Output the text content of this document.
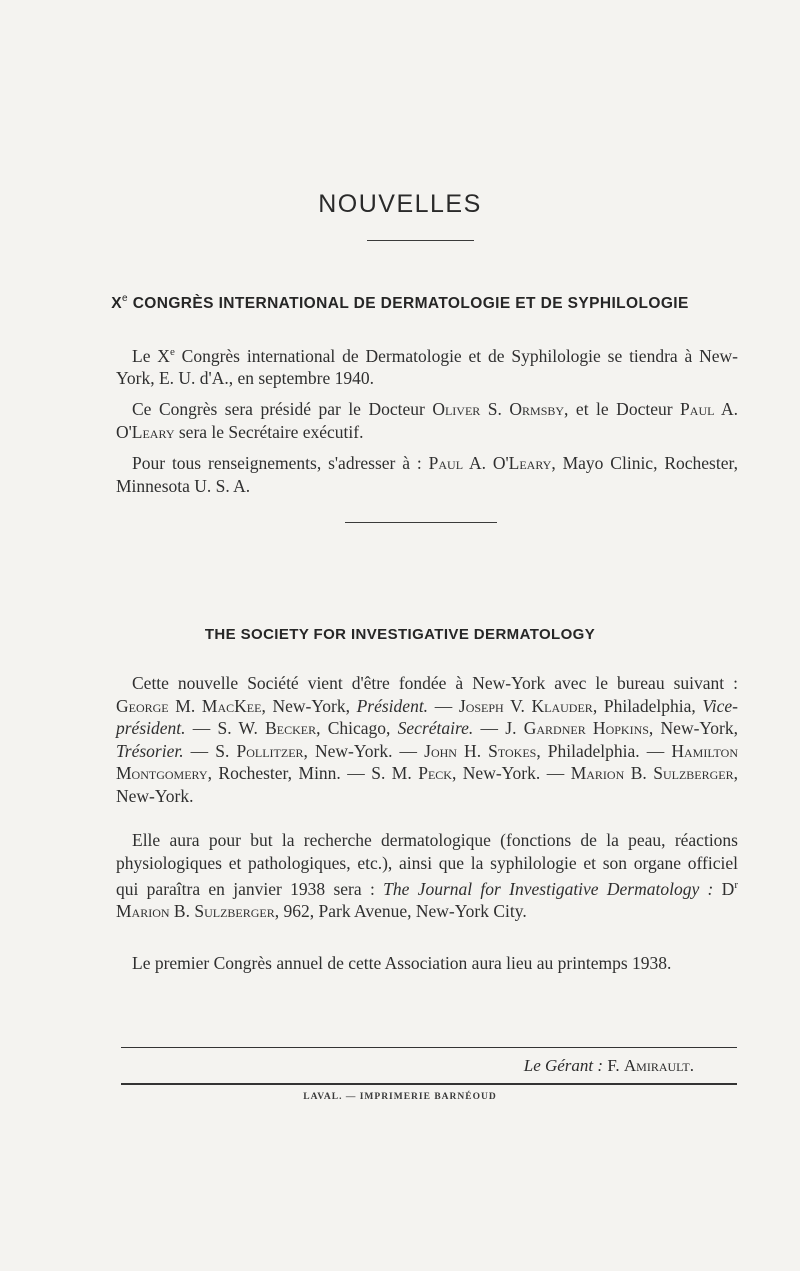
NOUVELLES
Xe CONGRÈS INTERNATIONAL DE DERMATOLOGIE ET DE SYPHILOLOGIE

Le Xe Congrès international de Dermatologie et de Syphilologie se tiendra à New-York, E. U. d'A., en septembre 1940.

Ce Congrès sera présidé par le Docteur Oliver S. Ormsby, et le Docteur Paul A. O'Leary sera le Secrétaire exécutif.

Pour tous renseignements, s'adresser à : Paul A. O'Leary, Mayo Clinic, Rochester, Minnesota U. S. A.

THE SOCIETY FOR INVESTIGATIVE DERMATOLOGY

Cette nouvelle Société vient d'être fondée à New-York avec le bureau suivant : George M. MacKee, New-York, Président. — Joseph V. Klauder, Philadelphia, Vice-président. — S. W. Becker, Chicago, Secrétaire. — J. Gardner Hopkins, New-York, Trésorier. — S. Pollitzer, New-York. — John H. Stokes, Philadelphia. — Hamilton Montgomery, Rochester, Minn. — S. M. Peck, New-York. — Marion B. Sulzberger, New-York.

Elle aura pour but la recherche dermatologique (fonctions de la peau, réactions physiologiques et pathologiques, etc.), ainsi que la syphilologie et son organe officiel qui paraîtra en janvier 1938 sera : The Journal for Investigative Dermatology : $D^r$ Marion B. Sulzberger, 962, Park Avenue, New-York City.

Le premier Congrès annuel de cette Association aura lieu au printemps 1938.

Le Gérant : F. Amirault.
LAVAL. — IMPRIMERIE BARNÉOUD
